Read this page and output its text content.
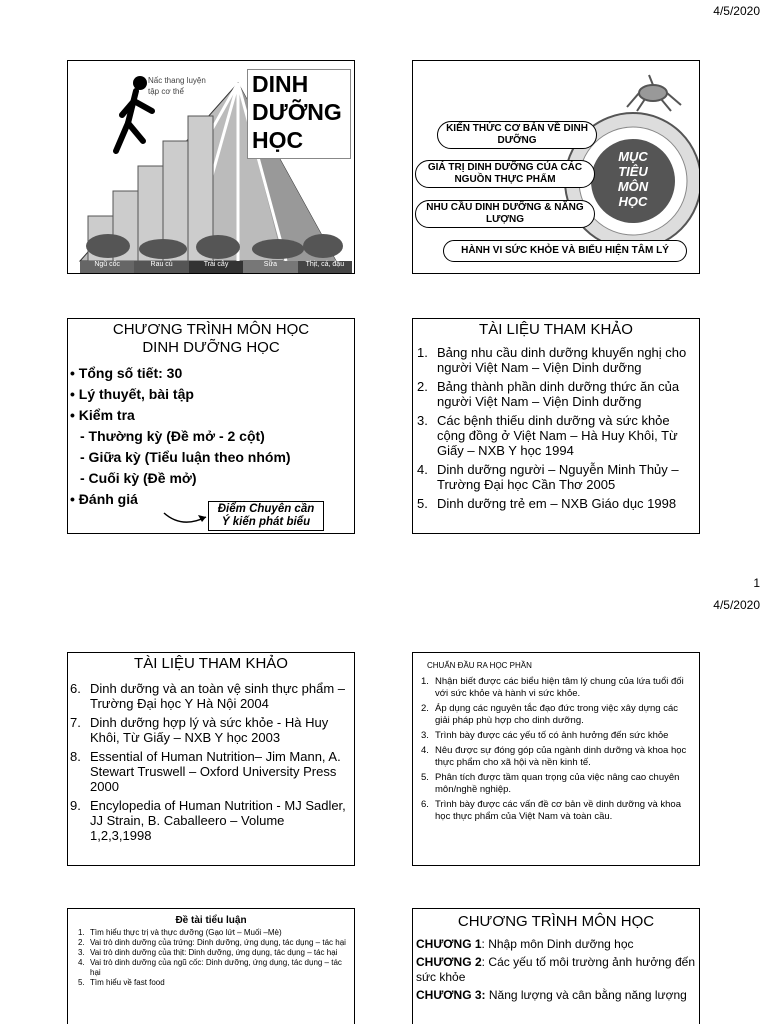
4/5/2020
1
4/5/2020
Nấc thang luyện
tập cơ thể	DINH
DƯỠNG
HỌC
Ngũ cốc	Rau củ	Trái cây	Sữa	Thịt, cá, đậu
MỤC
TIÊU
MÔN
HỌC
KIẾN THỨC CƠ BẢN VỀ DINH DƯỠNG
GIÁ TRỊ DINH DƯỠNG CỦA CÁC NGUỒN THỰC PHẨM
NHU CẦU DINH DƯỠNG & NĂNG LƯỢNG
HÀNH VI SỨC KHỎE VÀ BIỂU HIỆN TÂM LÝ
CHƯƠNG TRÌNH MÔN HỌC
DINH DƯỠNG HỌC
• Tổng số tiết: 30
• Lý thuyết, bài tập
• Kiểm tra
- Thường kỳ (Đề mở - 2 cột)
- Giữa kỳ (Tiểu luận theo nhóm)
- Cuối kỳ (Đề mở)
• Đánh giá
Điểm Chuyên cần
Ý kiến phát biểu
TÀI LIỆU THAM KHẢO
1. Bảng nhu cầu dinh dưỡng khuyến nghị cho người Việt Nam – Viện Dinh dưỡng
2. Bảng thành phần dinh dưỡng thức ăn của người Việt Nam – Viện Dinh dưỡng
3. Các bệnh thiếu dinh dưỡng và sức khỏe cộng đồng ở Việt Nam – Hà Huy Khôi, Từ Giấy – NXB Y học 1994
4. Dinh dưỡng người – Nguyễn Minh Thủy – Trường Đại học Cần Thơ 2005
5. Dinh dưỡng trẻ em – NXB Giáo dục 1998
TÀI LIỆU THAM KHẢO
6. Dinh dưỡng và an toàn vệ sinh thực phẩm – Trường Đại học Y Hà Nội 2004
7. Dinh dưỡng hợp lý và sức khỏe - Hà Huy Khôi, Từ Giấy – NXB Y học 2003
8. Essential of Human Nutrition– Jim Mann, A. Stewart Truswell – Oxford University Press 2000
9. Encylopedia of Human Nutrition - MJ Sadler, JJ Strain, B. Caballeero – Volume 1,2,3,1998
CHUẨN ĐẦU RA HỌC PHẦN
1. Nhận biết được các biểu hiện tâm lý chung của lứa tuổi đối với sức khỏe và hành vi sức khỏe.
2. Áp dụng các nguyên tắc đạo đức trong việc xây dựng các giải pháp phù hợp cho dinh dưỡng.
3. Trình bày được các yếu tố có ảnh hưởng đến sức khỏe
4. Nêu được sự đóng góp của ngành dinh dưỡng và khoa học thực phẩm cho xã hội và nền kinh tế.
5. Phân tích được tầm quan trọng của việc nâng cao chuyên môn/nghề nghiệp.
6. Trình bày được các vấn đề cơ bản về dinh dưỡng và khoa học thực phẩm của Việt Nam và toàn cầu.
Đề tài tiểu luận
1. Tìm hiểu thực trị và thực dưỡng (Gạo lứt – Muối –Mè)
2. Vai trò dinh dưỡng của trứng: Dinh dưỡng, ứng dụng, tác dụng – tác hại
3. Vai trò dinh dưỡng của thịt: Dinh dưỡng, ứng dụng, tác dụng – tác hại
4. Vai trò dinh dưỡng của ngũ cốc: Dinh dưỡng, ứng dụng, tác dụng – tác hại
5. Tìm hiểu về fast food
CHƯƠNG TRÌNH MÔN HỌC
CHƯƠNG 1: Nhập môn Dinh dưỡng học
CHƯƠNG 2: Các yếu tố môi trường ảnh hưởng đến sức khỏe
CHƯƠNG 3: Năng lượng và cân bằng năng lượng
